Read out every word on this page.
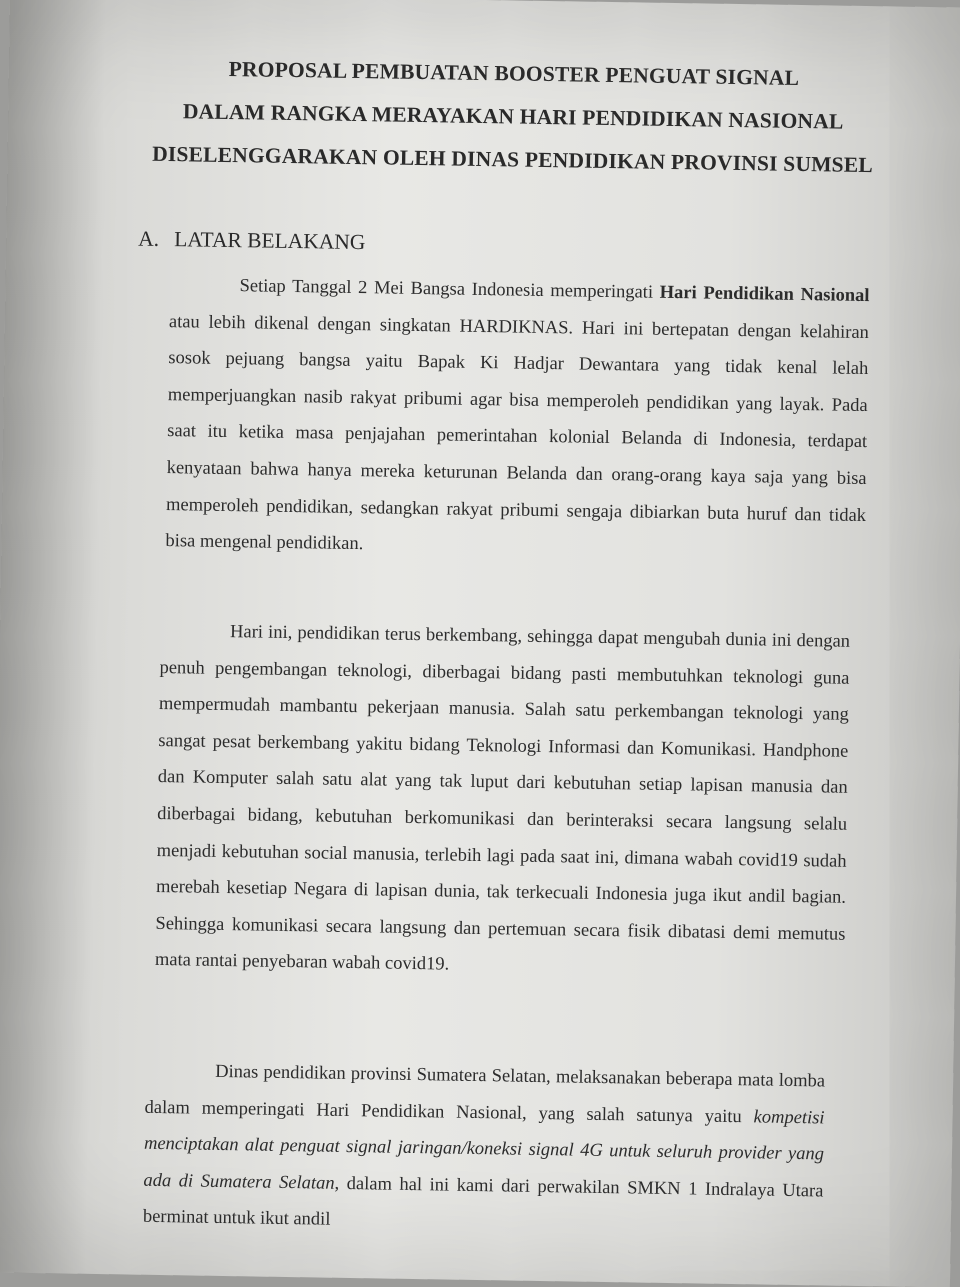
PROPOSAL PEMBUATAN BOOSTER PENGUAT SIGNAL
DALAM RANGKA MERAYAKAN HARI PENDIDIKAN NASIONAL
DISELENGGARAKAN OLEH DINAS PENDIDIKAN PROVINSI SUMSEL
A. LATAR BELAKANG

Setiap Tanggal 2 Mei Bangsa Indonesia memperingati Hari Pendidikan Nasional atau lebih dikenal dengan singkatan HARDIKNAS. Hari ini bertepatan dengan kelahiran sosok pejuang bangsa yaitu Bapak Ki Hadjar Dewantara yang tidak kenal lelah memperjuangkan nasib rakyat pribumi agar bisa memperoleh pendidikan yang layak. Pada saat itu ketika masa penjajahan pemerintahan kolonial Belanda di Indonesia, terdapat kenyataan bahwa hanya mereka keturunan Belanda dan orang-orang kaya saja yang bisa memperoleh pendidikan, sedangkan rakyat pribumi sengaja dibiarkan buta huruf dan tidak bisa mengenal pendidikan.

Hari ini, pendidikan terus berkembang, sehingga dapat mengubah dunia ini dengan penuh pengembangan teknologi, diberbagai bidang pasti membutuhkan teknologi guna mempermudah mambantu pekerjaan manusia. Salah satu perkembangan teknologi yang sangat pesat berkembang yakitu bidang Teknologi Informasi dan Komunikasi. Handphone dan Komputer salah satu alat yang tak luput dari kebutuhan setiap lapisan manusia dan diberbagai bidang, kebutuhan berkomunikasi dan berinteraksi secara langsung selalu menjadi kebutuhan social manusia, terlebih lagi pada saat ini, dimana wabah covid19 sudah merebah kesetiap Negara di lapisan dunia, tak terkecuali Indonesia juga ikut andil bagian. Sehingga komunikasi secara langsung dan pertemuan secara fisik dibatasi demi memutus mata rantai penyebaran wabah covid19.

Dinas pendidikan provinsi Sumatera Selatan, melaksanakan beberapa mata lomba dalam memperingati Hari Pendidikan Nasional, yang salah satunya yaitu kompetisi menciptakan alat penguat signal jaringan/koneksi signal 4G untuk seluruh provider yang ada di Sumatera Selatan, dalam hal ini kami dari perwakilan SMKN 1 Indralaya Utara berminat untuk ikut andil
